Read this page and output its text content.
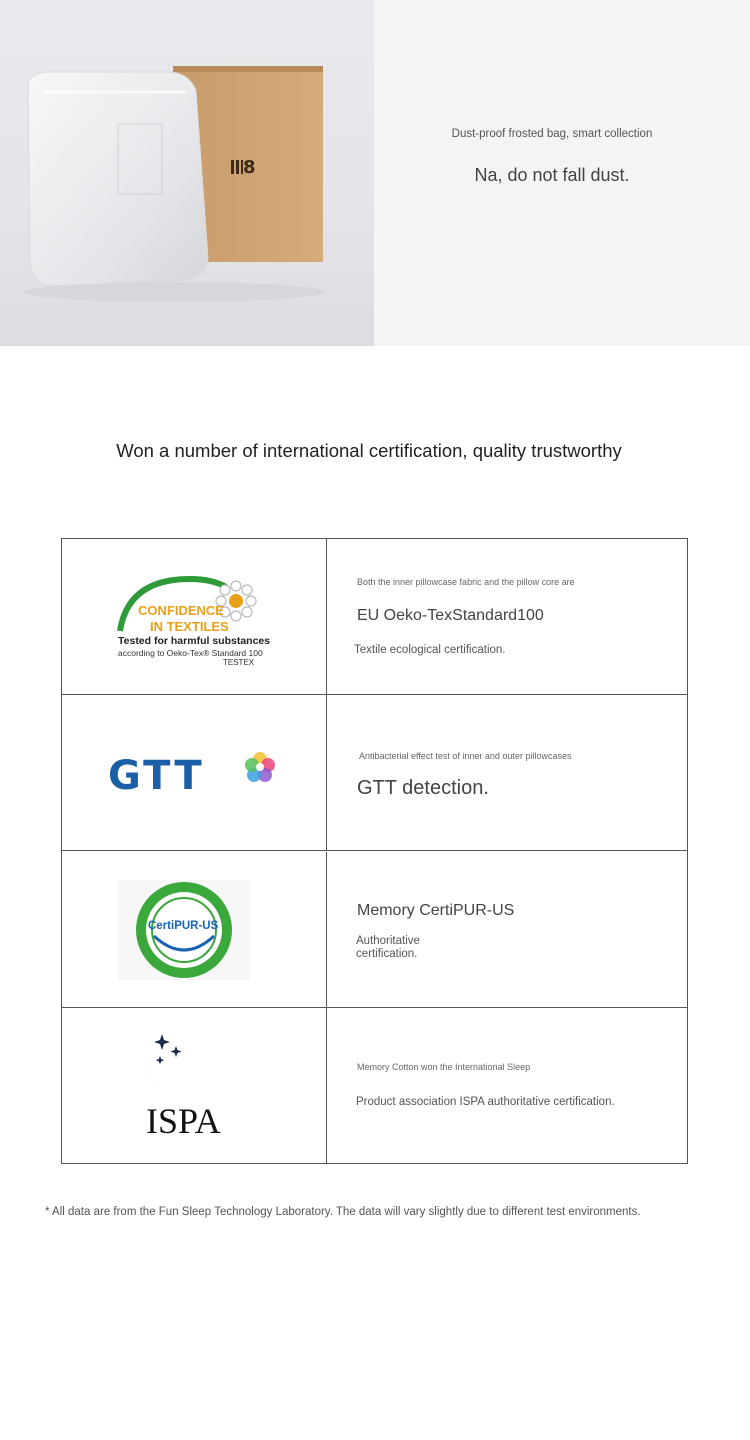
8
Dust-proof frosted bag, smart collection
Na, do not fall dust.
Won a number of international certification, quality trustworthy
CONFIDENCE
IN TEXTILES
Tested for harmful substances
according to Oeko-Tex® Standard 100
TESTEX
Both the inner pillowcase fabric and the pillow core are
EU Oeko-TexStandard100
Textile ecological certification.
GTT	Antibacterial effect test of inner and outer pillowcases
GTT detection.
CertiPUR-US
Memory CertiPUR-US
Authoritative
certification.
ISPA
Memory Cotton won the International Sleep
Product association ISPA authoritative certification.
* All data are from the Fun Sleep Technology Laboratory. The data will vary slightly due to different test environments.
